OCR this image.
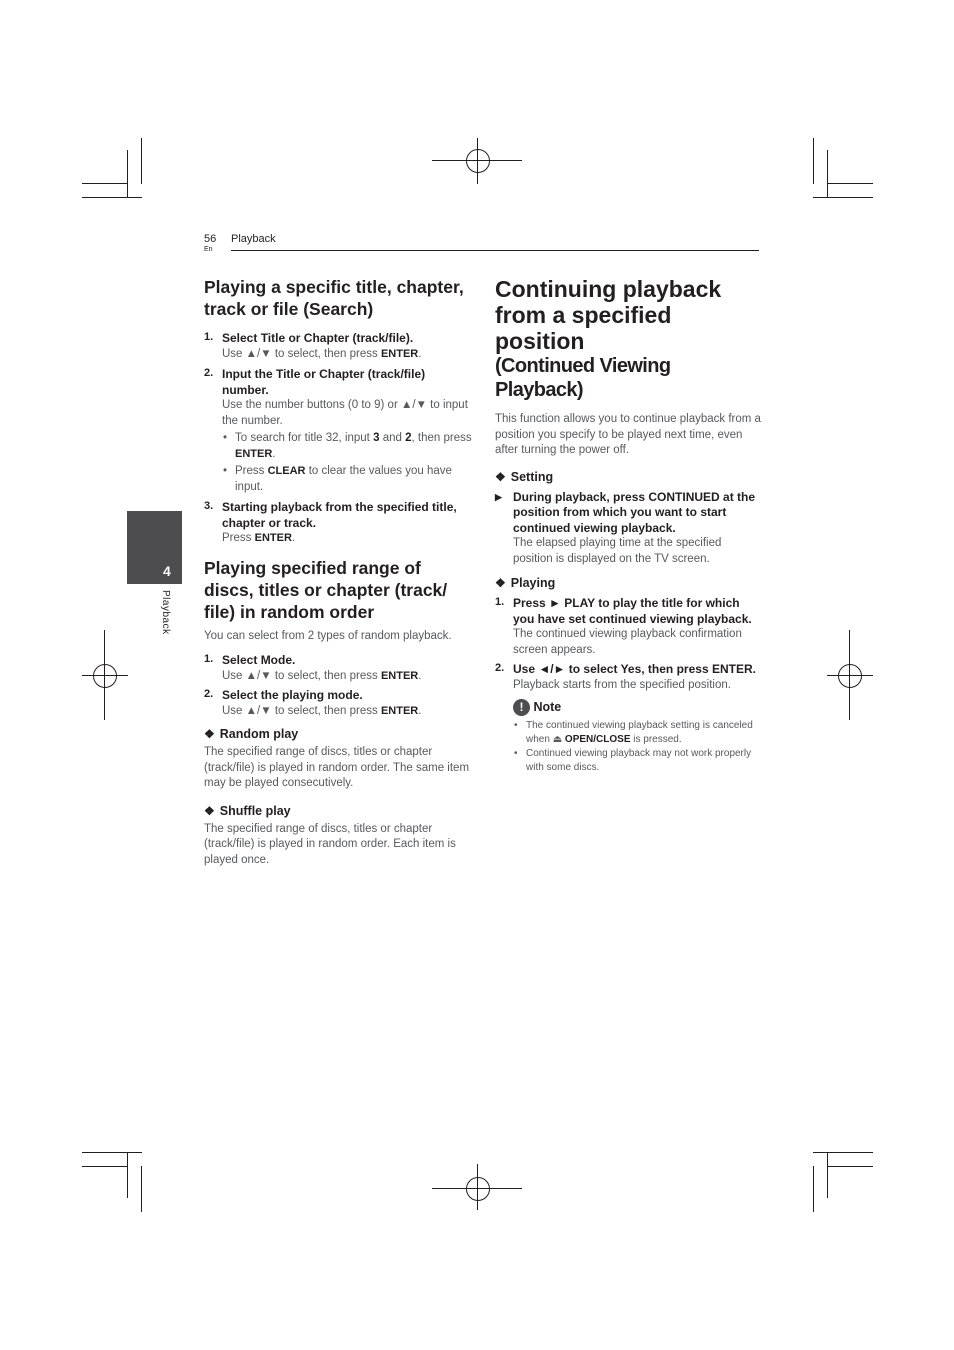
56
En
Playback
4
Playback
Playing a specific title, chapter, track or file (Search)
1. Select Title or Chapter (track/file).

Use ▲/▼ to select, then press ENTER.

2. Input the Title or Chapter (track/file) number.

Use the number buttons (0 to 9) or ▲/▼ to input the number.

• To search for title 32, input 3 and 2, then press ENTER.
• Press CLEAR to clear the values you have input.
3. Starting playback from the specified title, chapter or track.

Press ENTER.

Playing specified range of discs, titles or chapter (track/ file) in random order

You can select from 2 types of random playback.

1. Select Mode.

Use ▲/▼ to select, then press ENTER.

2. Select the playing mode.

Use ▲/▼ to select, then press ENTER.

❖ Random play

The specified range of discs, titles or chapter (track/file) is played in random order. The same item may be played consecutively.

❖ Shuffle play

The specified range of discs, titles or chapter (track/file) is played in random order. Each item is played once.

Continuing playback
from a specified position
(Continued Viewing Playback)

This function allows you to continue playback from a position you specify to be played next time, even after turning the power off.

❖ Setting

▶ During playback, press CONTINUED at the position from which you want to start continued viewing playback.

The elapsed playing time at the specified position is displayed on the TV screen.

❖ Playing

1. Press ► PLAY to play the title for which you have set continued viewing playback.

The continued viewing playback confirmation screen appears.

2. Use ◄/► to select Yes, then press ENTER.

Playback starts from the specified position.

! Note

• The continued viewing playback setting is canceled when ⏏ OPEN/CLOSE is pressed.
• Continued viewing playback may not work properly with some discs.
